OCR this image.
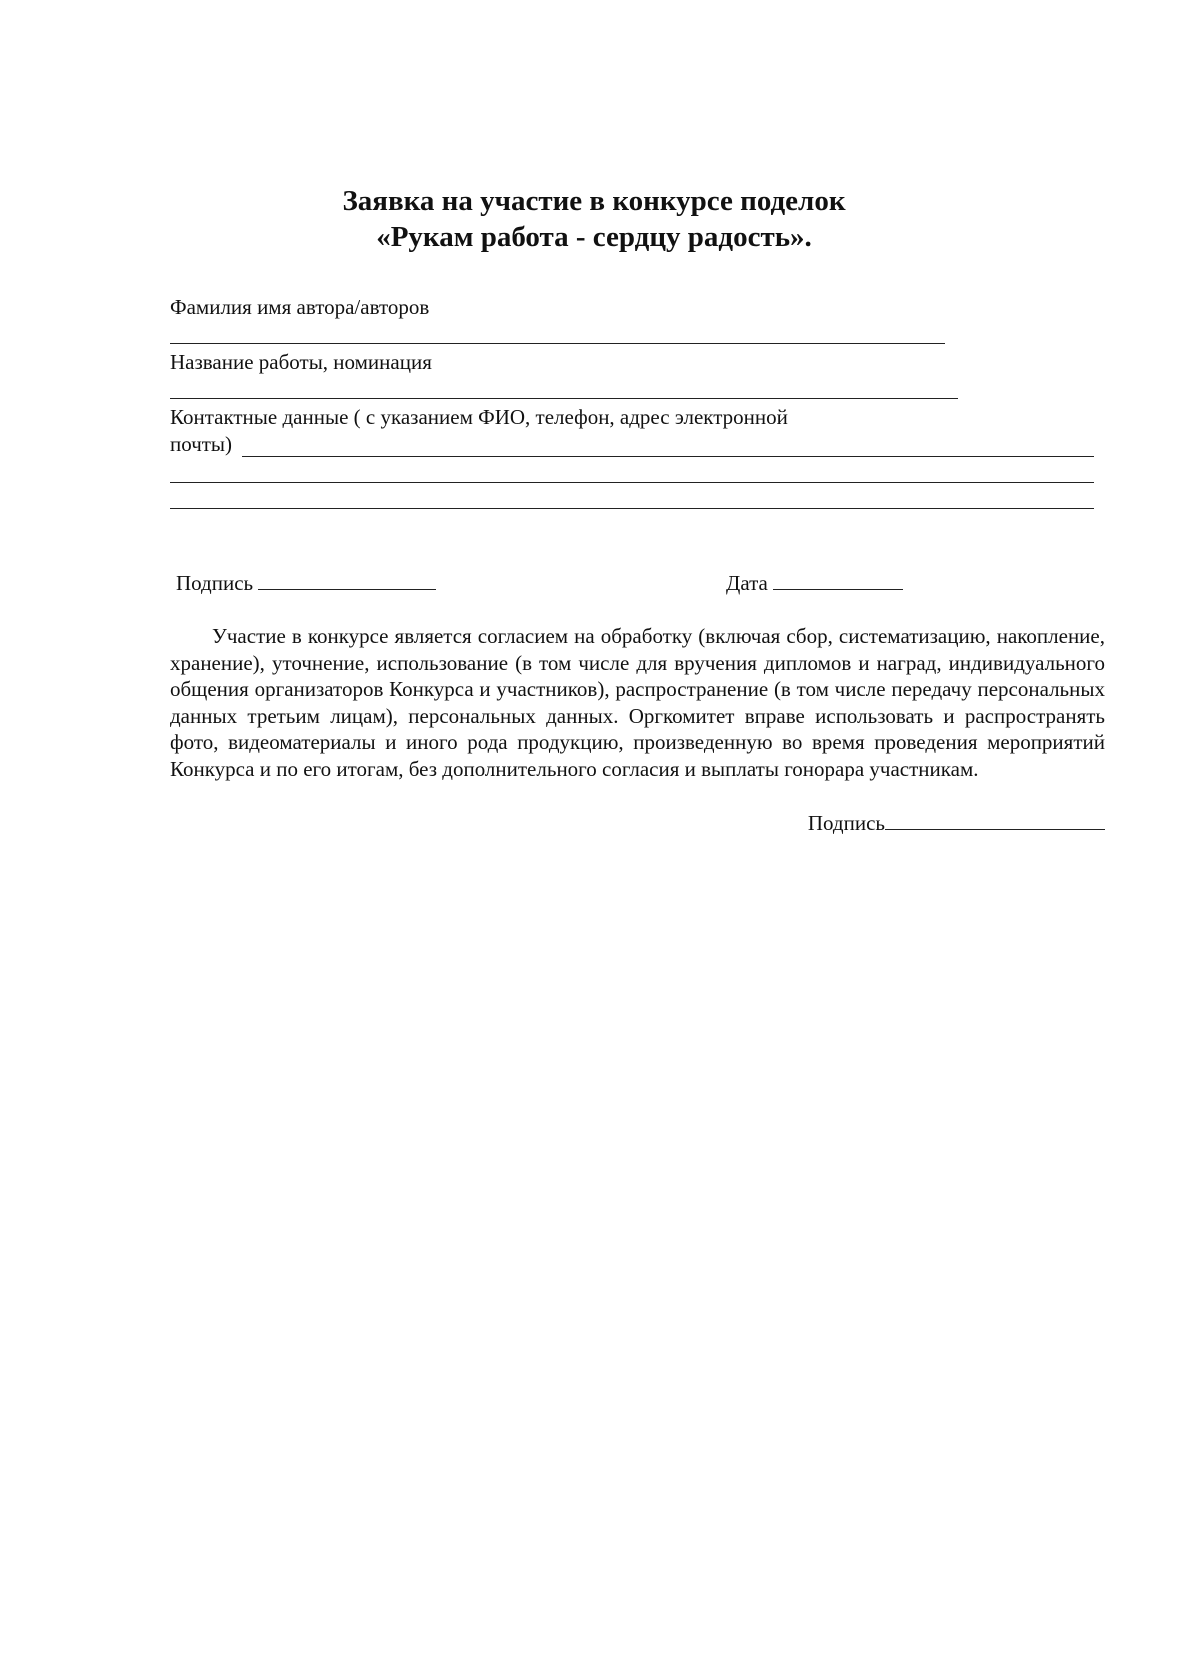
Заявка на участие в конкурсе поделок
«Рукам работа - сердцу радость».
Фамилия имя автора/авторов
Название работы, номинация
Контактные данные ( с указанием ФИО, телефон, адрес электронной
почты)
Подпись	Дата

Участие в конкурсе является согласием на обработку (включая сбор, систематизацию, накопление, хранение), уточнение, использование (в том числе для вручения дипломов и наград, индивидуального общения организаторов Конкурса и участников), распространение (в том числе передачу персональных данных третьим лицам), персональных данных. Оргкомитет вправе использовать и распространять фото, видеоматериалы и иного рода продукцию, произведенную во время проведения мероприятий Конкурса и по его итогам, без дополнительного согласия и выплаты гонорара участникам.

Подпись
